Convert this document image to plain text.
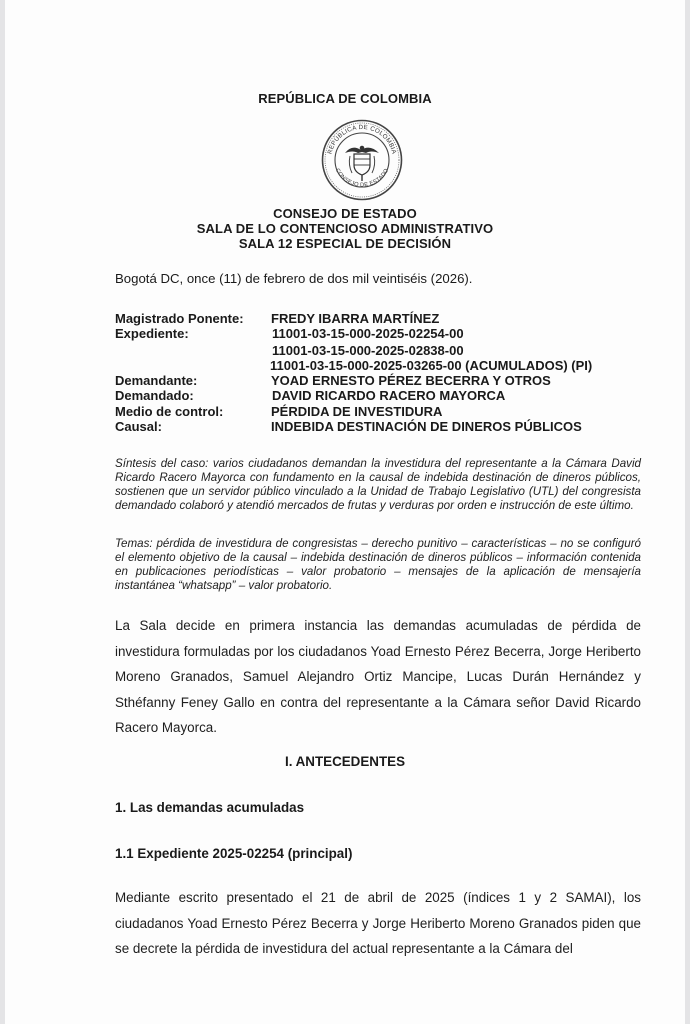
REPÚBLICA DE COLOMBIA
REPÚBLICA DE COLOMBIA
CONSEJO DE ESTADO
CONSEJO DE ESTADO
SALA DE LO CONTENCIOSO ADMINISTRATIVO
SALA 12 ESPECIAL DE DECISIÓN
Bogotá DC, once (11) de febrero de dos mil veintiséis (2026).
Magistrado Ponente: FREDY IBARRA MARTÍNEZ
Expediente:	11001-03-15-000-2025-02254-00
11001-03-15-000-2025-02838-00
11001-03-15-000-2025-03265-00 (ACUMULADOS) (PI)
Demandante:	YOAD ERNESTO PÉREZ BECERRA Y OTROS
Demandado:	DAVID RICARDO RACERO MAYORCA
Medio de control:	PÉRDIDA DE INVESTIDURA
Causal:	INDEBIDA DESTINACIÓN DE DINEROS PÚBLICOS
Síntesis del caso: varios ciudadanos demandan la investidura del representante a la Cámara David Ricardo Racero Mayorca con fundamento en la causal de indebida destinación de dineros públicos, sostienen que un servidor público vinculado a la Unidad de Trabajo Legislativo (UTL) del congresista demandado colaboró y atendió mercados de frutas y verduras por orden e instrucción de este último.
Temas: pérdida de investidura de congresistas – derecho punitivo – características – no se configuró el elemento objetivo de la causal – indebida destinación de dineros públicos – información contenida en publicaciones periodísticas – valor probatorio – mensajes de la aplicación de mensajería instantánea “whatsapp” – valor probatorio.
La Sala decide en primera instancia las demandas acumuladas de pérdida de investidura formuladas por los ciudadanos Yoad Ernesto Pérez Becerra, Jorge Heriberto Moreno Granados, Samuel Alejandro Ortiz Mancipe, Lucas Durán Hernández y Sthéfanny Feney Gallo en contra del representante a la Cámara señor David Ricardo Racero Mayorca.
I. ANTECEDENTES
1. Las demandas acumuladas
1.1 Expediente 2025-02254 (principal)
Mediante escrito presentado el 21 de abril de 2025 (índices 1 y 2 SAMAI), los ciudadanos Yoad Ernesto Pérez Becerra y Jorge Heriberto Moreno Granados piden que se decrete la pérdida de investidura del actual representante a la Cámara del
